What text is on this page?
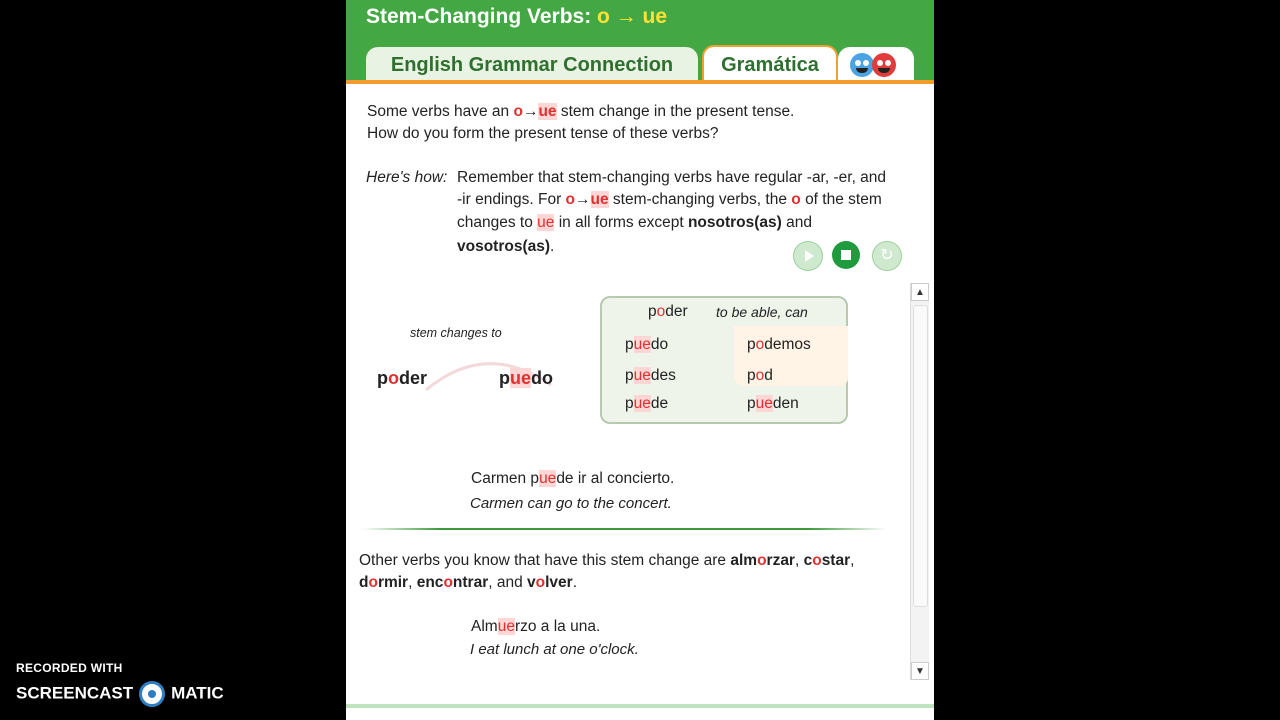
Stem-Changing Verbs: o → ue
English Grammar Connection	Gramática
Some verbs have an o→ue stem change in the present tense.
How do you form the present tense of these verbs?
Here's how: Remember that stem-changing verbs have regular -ar, -er, and
-ir endings. For o→ue stem-changing verbs, the o of the stem
changes to ue in all forms except nosotros(as) and
vosotros(as).
↻
stem changes to
poder	puedo
poder to be able, can
puedo	podemos
puedes	pod
puede	pueden
Carmen puede ir al concierto.
Carmen can go to the concert.
Other verbs you know that have this stem change are almorzar, costar,
dormir, encontrar, and volver.
Almuerzo a la una.
I eat lunch at one o'clock.
▲
▼
RECORDED WITH
SCREENCAST MATIC
